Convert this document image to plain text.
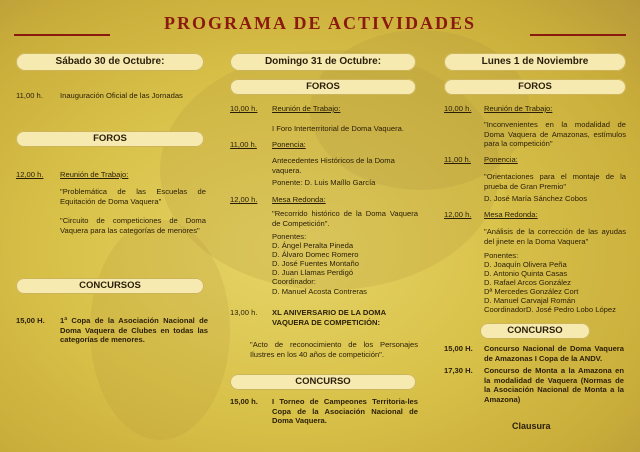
PROGRAMA DE ACTIVIDADES
Sábado 30 de Octubre:
11,00 h. Inauguración Oficial de las Jornadas
FOROS
12,00 h. Reunión de Trabajo:
"Problemática de las Escuelas de Equitación de Doma Vaquera"
"Circuito de competiciones de Doma Vaquera para las categorías de menores"
CONCURSOS
15,00 H. 1ª Copa de la Asociación Nacional de Doma Vaquera de Clubes en todas las categorías de menores.
Domingo 31 de Octubre:
FOROS
10,00 h. Reunión de Trabajo:
I Foro Interterritorial de Doma Vaquera.
11,00 h. Ponencia:
Antecedentes Históricos de la Doma vaquera.
Ponente: D. Luis Maíllo García
12,00 h. Mesa Redonda:
"Recorrido histórico de la Doma Vaquera de Competición".
Ponentes:
D. Ángel Peralta Pineda
D. Álvaro Domec Romero
D. José Fuentes Montaño
D. Juan Llamas Perdigó
Coordinador:
D. Manuel Acosta Contreras
13,00 h. XL ANIVERSARIO DE LA DOMA VAQUERA DE COMPETICIÓN:
"Acto de reconocimiento de los Personajes Ilustres en los 40 años de competición".
CONCURSO
15,00 h. I Torneo de Campeones Territoria-les Copa de la Asociación Nacional de Doma Vaquera.
Lunes 1 de Noviembre
FOROS
10,00 h. Reunión de Trabajo:
"Inconvenientes en la modalidad de Doma Vaquera de Amazonas, estímulos para la competición"
11,00 h. Ponencia:
"Orientaciones para el montaje de la prueba de Gran Premio"
D. José María Sánchez Cobos
12,00 h. Mesa Redonda:
"Análisis de la corrección de las ayudas del jinete en la Doma Vaquera"
Ponentes:
D. Joaquín Olivera Peña
D. Antonio Quinta Casas
D. Rafael Arcos González
Dª Mercedes González Cort
D. Manuel Carvajal Román
Coordinador:
D. José Pedro Lobo López
CONCURSO
15,00 H. Concurso Nacional de Doma Vaquera de Amazonas I Copa de la ANDV.
17,30 H. Concurso de Monta a la Amazona en la modalidad de Vaquera (Normas de la Asociación Nacional de Monta a la Amazona)
Clausura
